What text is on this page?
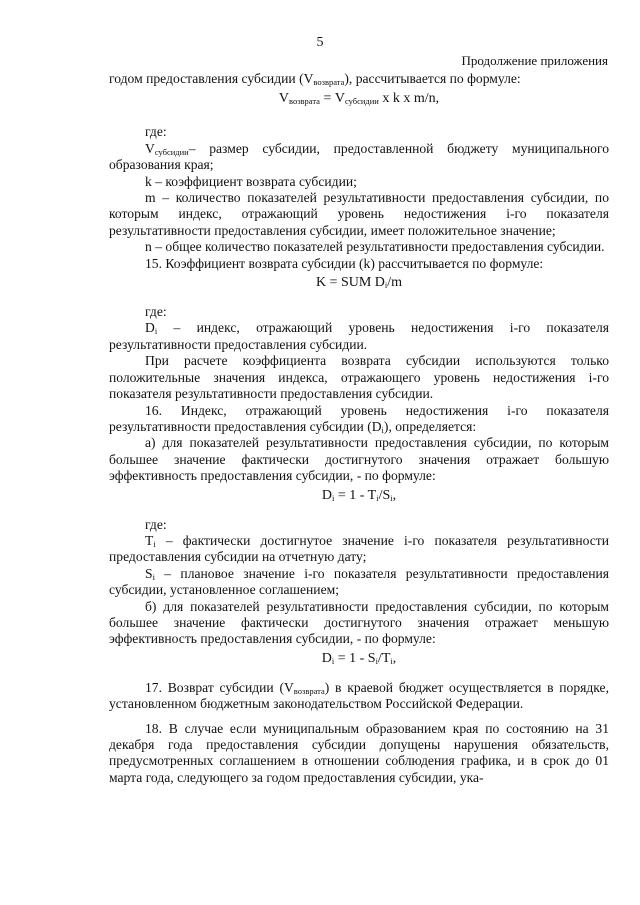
5
Продолжение приложения

годом предоставления субсидии $(V_{возврата})$, рассчитывается по формуле:

$V_{возврата} = V_{субсидии}$ x k x m/n,

где:

$V_{субсидии}-$ размер субсидии, предоставленной бюджету муниципального образования края;

k – коэффициент возврата субсидии;

m – количество показателей результативности предоставления субсидии, по которым индекс, отражающий уровень недостижения i-го показателя результативности предоставления субсидии, имеет положительное значение;

n – общее количество показателей результативности предоставления субсидии.

15. Коэффициент возврата субсидии (k) рассчитывается по формуле:

K = SUM $D_i/m$

где:

$D_i$ – индекс, отражающий уровень недостижения i-го показателя результативности предоставления субсидии.

При расчете коэффициента возврата субсидии используются только положительные значения индекса, отражающего уровень недостижения i-го показателя результативности предоставления субсидии.

16. Индекс, отражающий уровень недостижения i-го показателя результативности предоставления субсидии $(D_i)$, определяется:

а) для показателей результативности предоставления субсидии, по которым большее значение фактически достигнутого значения отражает большую эффективность предоставления субсидии, - по формуле:

$D_i = 1 - T_i/S_i$,

где:

$T_i$ – фактически достигнутое значение i-го показателя результативности предоставления субсидии на отчетную дату;

$S_i$ – плановое значение i-го показателя результативности предоставления субсидии, установленное соглашением;

б) для показателей результативности предоставления субсидии, по которым большее значение фактически достигнутого значения отражает меньшую эффективность предоставления субсидии, - по формуле:

$D_i = 1 - S_i/T_i$,

17. Возврат субсидии $(V_{возврата})$ в краевой бюджет осуществляется в порядке, установленном бюджетным законодательством Российской Федерации.

18. В случае если муниципальным образованием края по состоянию на 31 декабря года предоставления субсидии допущены нарушения обязательств, предусмотренных соглашением в отношении соблюдения графика, и в срок до 01 марта года, следующего за годом предоставления субсидии, ука-
